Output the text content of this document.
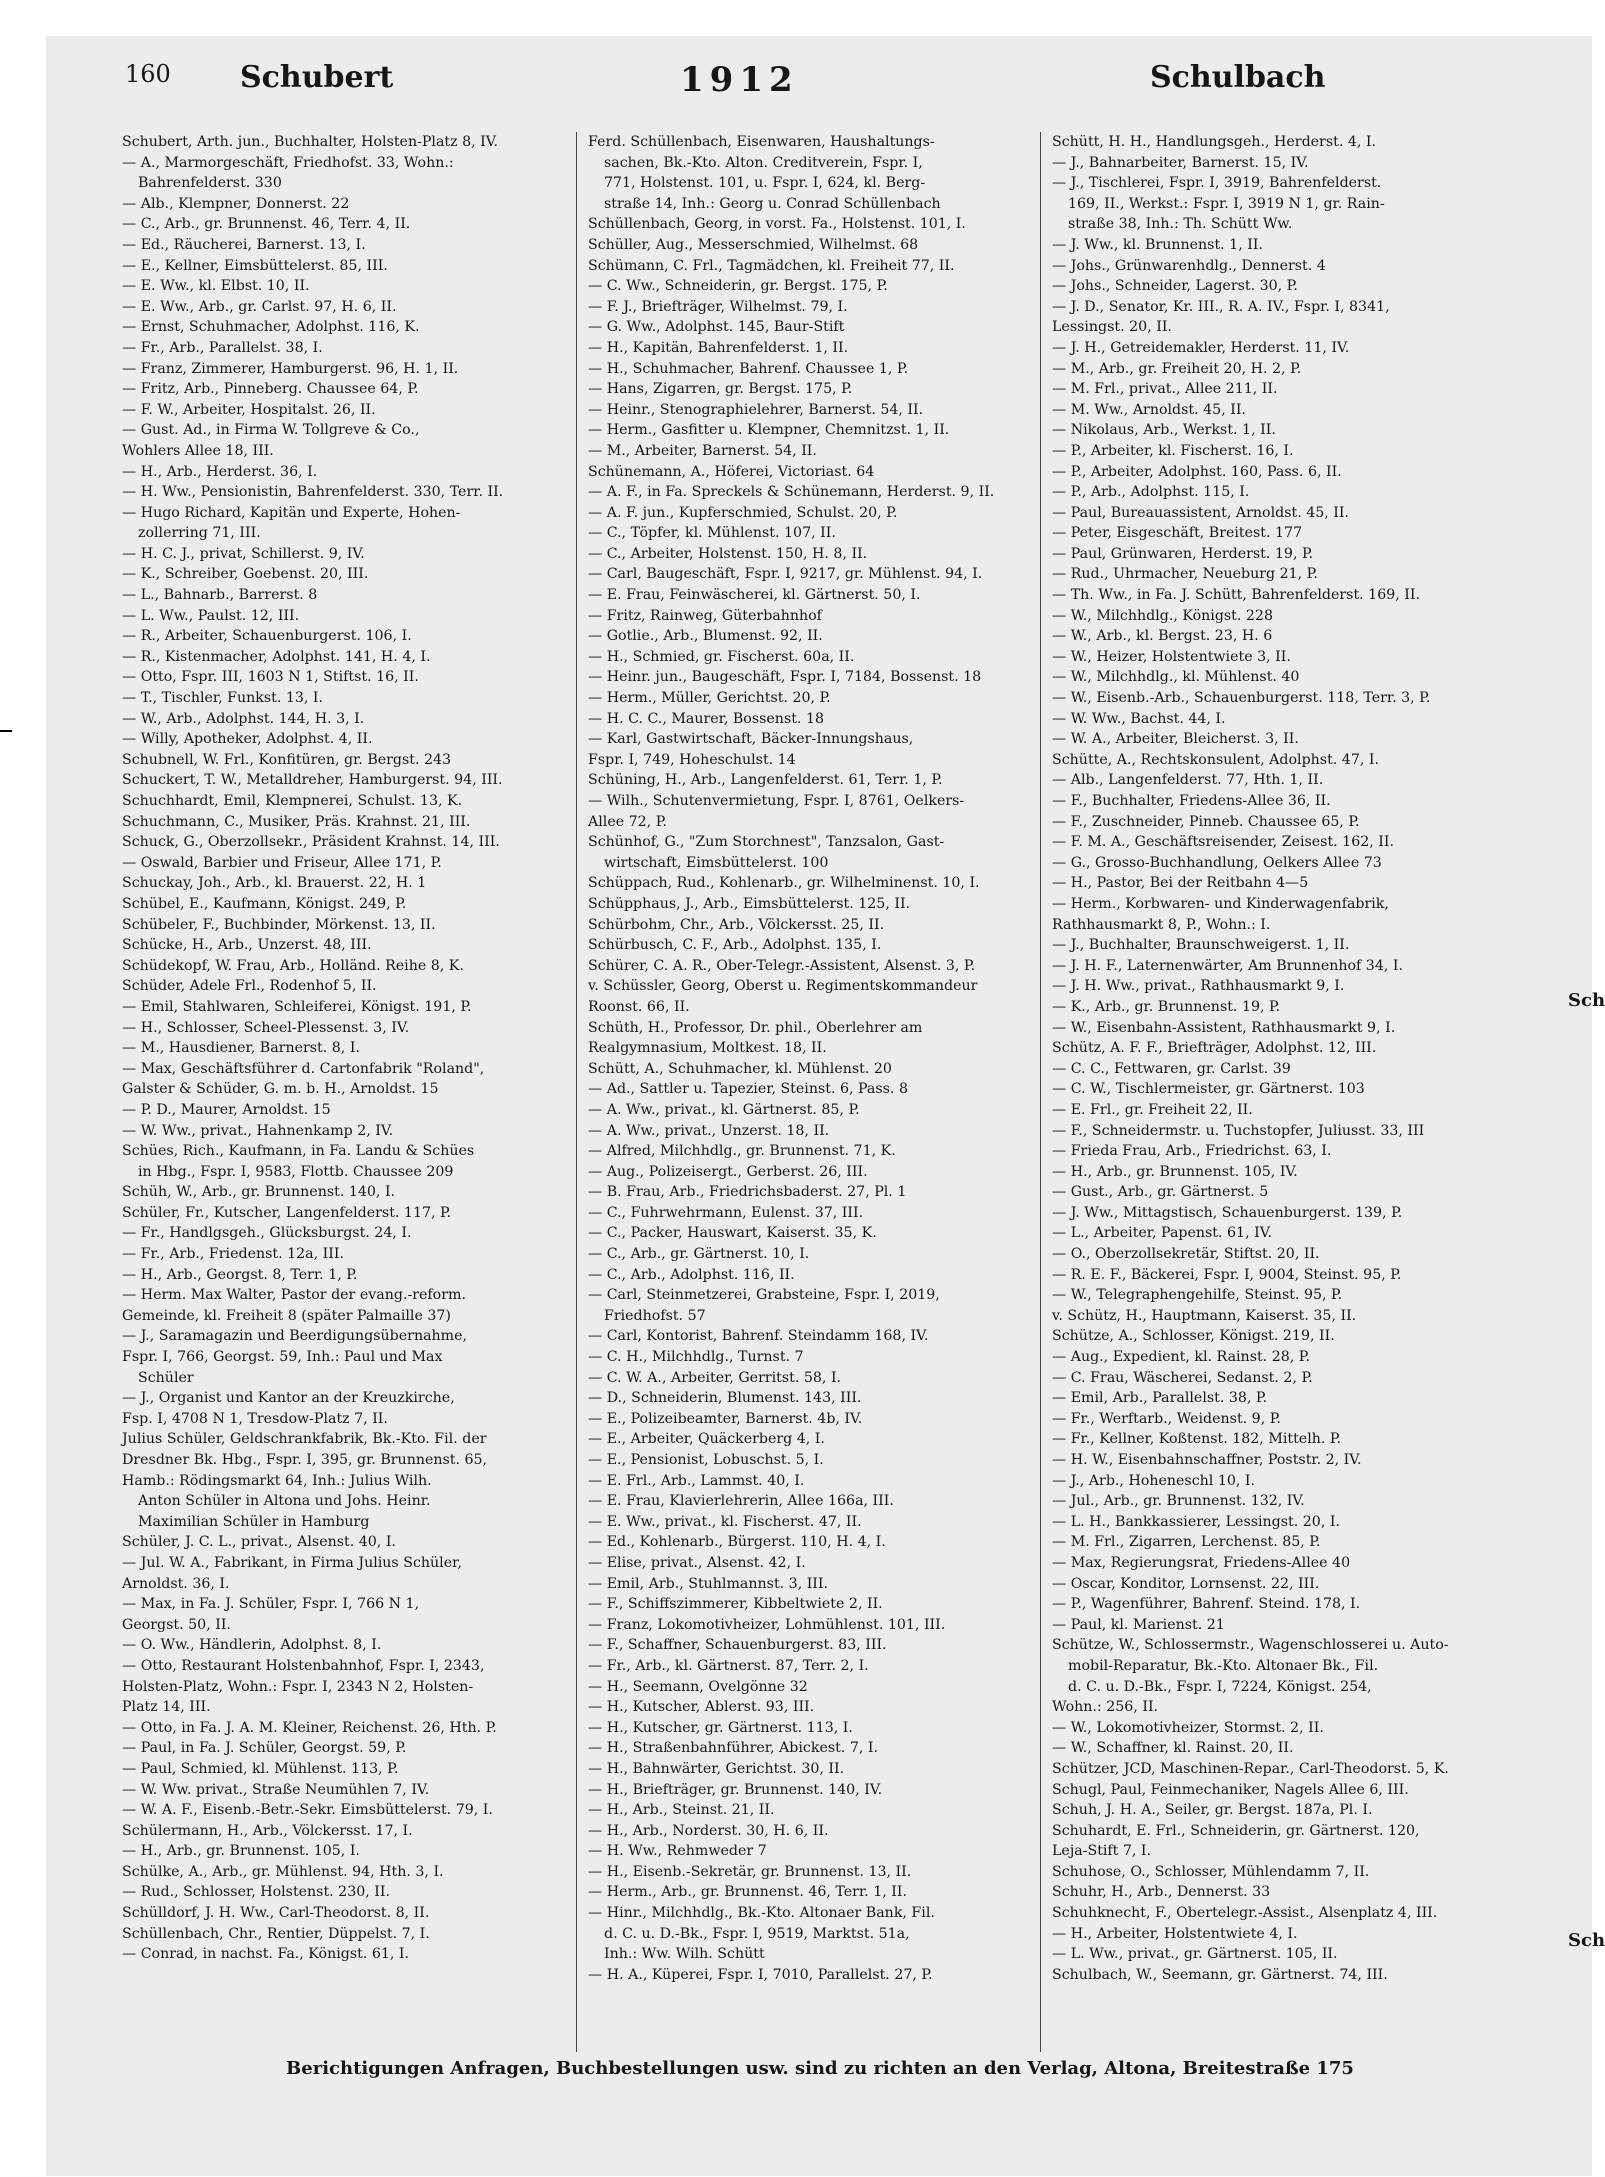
160 Schubert	1912	Schulbach
Schubert, Arth. jun., Buchhalter, Holsten-Platz 8, IV.
— A., Marmorgeschäft, Friedhofst. 33, Wohn.:
Bahrenfelderst. 330
— Alb., Klempner, Donnerst. 22
— C., Arb., gr. Brunnenst. 46, Terr. 4, II.
— Ed., Räucherei, Barnerst. 13, I.
— E., Kellner, Eimsbüttelerst. 85, III.
— E. Ww., kl. Elbst. 10, II.
— E. Ww., Arb., gr. Carlst. 97, H. 6, II.
— Ernst, Schuhmacher, Adolphst. 116, K.
— Fr., Arb., Parallelst. 38, I.
— Franz, Zimmerer, Hamburgerst. 96, H. 1, II.
— Fritz, Arb., Pinneberg. Chaussee 64, P.
— F. W., Arbeiter, Hospitalst. 26, II.
— Gust. Ad., in Firma W. Tollgreve & Co.,
Wohlers Allee 18, III.
— H., Arb., Herderst. 36, I.
— H. Ww., Pensionistin, Bahrenfelderst. 330, Terr. II.
— Hugo Richard, Kapitän und Experte, Hohen-
zollerring 71, III.
— H. C. J., privat, Schillerst. 9, IV.
— K., Schreiber, Goebenst. 20, III.
— L., Bahnarb., Barrerst. 8
— L. Ww., Paulst. 12, III.
— R., Arbeiter, Schauenburgerst. 106, I.
— R., Kistenmacher, Adolphst. 141, H. 4, I.
— Otto, Fspr. III, 1603 N 1, Stiftst. 16, II.
— T., Tischler, Funkst. 13, I.
— W., Arb., Adolphst. 144, H. 3, I.
— Willy, Apotheker, Adolphst. 4, II.
Schubnell, W. Frl., Konfitüren, gr. Bergst. 243
Schuckert, T. W., Metalldreher, Hamburgerst. 94, III.
Schuchhardt, Emil, Klempnerei, Schulst. 13, K.
Schuchmann, C., Musiker, Präs. Krahnst. 21, III.
Schuck, G., Oberzollsekr., Präsident Krahnst. 14, III.
— Oswald, Barbier und Friseur, Allee 171, P.
Schuckay, Joh., Arb., kl. Brauerst. 22, H. 1
Schübel, E., Kaufmann, Königst. 249, P.
Schübeler, F., Buchbinder, Mörkenst. 13, II.
Schücke, H., Arb., Unzerst. 48, III.
Schüdekopf, W. Frau, Arb., Holländ. Reihe 8, K.
Schüder, Adele Frl., Rodenhof 5, II.
— Emil, Stahlwaren, Schleiferei, Königst. 191, P.
— H., Schlosser, Scheel-Plessenst. 3, IV.
— M., Hausdiener, Barnerst. 8, I.
— Max, Geschäftsführer d. Cartonfabrik "Roland",
Galster & Schüder, G. m. b. H., Arnoldst. 15
— P. D., Maurer, Arnoldst. 15
— W. Ww., privat., Hahnenkamp 2, IV.
Schües, Rich., Kaufmann, in Fa. Landu & Schües
in Hbg., Fspr. I, 9583, Flottb. Chaussee 209
Schüh, W., Arb., gr. Brunnenst. 140, I.
Schüler, Fr., Kutscher, Langenfelderst. 117, P.
— Fr., Handlgsgeh., Glücksburgst. 24, I.
— Fr., Arb., Friedenst. 12a, III.
— H., Arb., Georgst. 8, Terr. 1, P.
— Herm. Max Walter, Pastor der evang.-reform.
Gemeinde, kl. Freiheit 8 (später Palmaille 37)
— J., Saramagazin und Beerdigungsübernahme,
Fspr. I, 766, Georgst. 59, Inh.: Paul und Max
Schüler
— J., Organist und Kantor an der Kreuzkirche,
Fsp. I, 4708 N 1, Tresdow-Platz 7, II.
Julius Schüler, Geldschrankfabrik, Bk.-Kto. Fil. der
Dresdner Bk. Hbg., Fspr. I, 395, gr. Brunnenst. 65,
Hamb.: Rödingsmarkt 64, Inh.: Julius Wilh.
Anton Schüler in Altona und Johs. Heinr.
Maximilian Schüler in Hamburg
Schüler, J. C. L., privat., Alsenst. 40, I.
— Jul. W. A., Fabrikant, in Firma Julius Schüler,
Arnoldst. 36, I.
— Max, in Fa. J. Schüler, Fspr. I, 766 N 1,
Georgst. 50, II.
— O. Ww., Händlerin, Adolphst. 8, I.
— Otto, Restaurant Holstenbahnhof, Fspr. I, 2343,
Holsten-Platz, Wohn.: Fspr. I, 2343 N 2, Holsten-
Platz 14, III.
— Otto, in Fa. J. A. M. Kleiner, Reichenst. 26, Hth. P.
— Paul, in Fa. J. Schüler, Georgst. 59, P.
— Paul, Schmied, kl. Mühlenst. 113, P.
— W. Ww. privat., Straße Neumühlen 7, IV.
— W. A. F., Eisenb.-Betr.-Sekr. Eimsbüttelerst. 79, I.
Schülermann, H., Arb., Völckersst. 17, I.
— H., Arb., gr. Brunnenst. 105, I.
Schülke, A., Arb., gr. Mühlenst. 94, Hth. 3, I.
— Rud., Schlosser, Holstenst. 230, II.
Schülldorf, J. H. Ww., Carl-Theodorst. 8, II.
Schüllenbach, Chr., Rentier, Düppelst. 7, I.
— Conrad, in nachst. Fa., Königst. 61, I.
Ferd. Schüllenbach, Eisenwaren, Haushaltungs-
sachen, Bk.-Kto. Alton. Creditverein, Fspr. I,
771, Holstenst. 101, u. Fspr. I, 624, kl. Berg-
straße 14, Inh.: Georg u. Conrad Schüllenbach
Schüllenbach, Georg, in vorst. Fa., Holstenst. 101, I.
Schüller, Aug., Messerschmied, Wilhelmst. 68
Schümann, C. Frl., Tagmädchen, kl. Freiheit 77, II.
— C. Ww., Schneiderin, gr. Bergst. 175, P.
— F. J., Briefträger, Wilhelmst. 79, I.
— G. Ww., Adolphst. 145, Baur-Stift
— H., Kapitän, Bahrenfelderst. 1, II.
— H., Schuhmacher, Bahrenf. Chaussee 1, P.
— Hans, Zigarren, gr. Bergst. 175, P.
— Heinr., Stenographielehrer, Barnerst. 54, II.
— Herm., Gasfitter u. Klempner, Chemnitzst. 1, II.
— M., Arbeiter, Barnerst. 54, II.
Schünemann, A., Höferei, Victoriast. 64
— A. F., in Fa. Spreckels & Schünemann, Herderst. 9, II.
— A. F. jun., Kupferschmied, Schulst. 20, P.
— C., Töpfer, kl. Mühlenst. 107, II.
— C., Arbeiter, Holstenst. 150, H. 8, II.
— Carl, Baugeschäft, Fspr. I, 9217, gr. Mühlenst. 94, I.
— E. Frau, Feinwäscherei, kl. Gärtnerst. 50, I.
— Fritz, Rainweg, Güterbahnhof
— Gotlie., Arb., Blumenst. 92, II.
— H., Schmied, gr. Fischerst. 60a, II.
— Heinr. jun., Baugeschäft, Fspr. I, 7184, Bossenst. 18
— Herm., Müller, Gerichtst. 20, P.
— H. C. C., Maurer, Bossenst. 18
— Karl, Gastwirtschaft, Bäcker-Innungshaus,
Fspr. I, 749, Hoheschulst. 14
Schüning, H., Arb., Langenfelderst. 61, Terr. 1, P.
— Wilh., Schutenvermietung, Fspr. I, 8761, Oelkers-
Allee 72, P.
Schünhof, G., "Zum Storchnest", Tanzsalon, Gast-
wirtschaft, Eimsbüttelerst. 100
Schüppach, Rud., Kohlenarb., gr. Wilhelminenst. 10, I.
Schüpphaus, J., Arb., Eimsbüttelerst. 125, II.
Schürbohm, Chr., Arb., Völckersst. 25, II.
Schürbusch, C. F., Arb., Adolphst. 135, I.
Schürer, C. A. R., Ober-Telegr.-Assistent, Alsenst. 3, P.
v. Schüssler, Georg, Oberst u. Regimentskommandeur
Roonst. 66, II.
Schüth, H., Professor, Dr. phil., Oberlehrer am
Realgymnasium, Moltkest. 18, II.
Schütt, A., Schuhmacher, kl. Mühlenst. 20
— Ad., Sattler u. Tapezier, Steinst. 6, Pass. 8
— A. Ww., privat., kl. Gärtnerst. 85, P.
— A. Ww., privat., Unzerst. 18, II.
— Alfred, Milchhdlg., gr. Brunnenst. 71, K.
— Aug., Polizeisergt., Gerberst. 26, III.
— B. Frau, Arb., Friedrichsbaderst. 27, Pl. 1
— C., Fuhrwehrmann, Eulenst. 37, III.
— C., Packer, Hauswart, Kaiserst. 35, K.
— C., Arb., gr. Gärtnerst. 10, I.
— C., Arb., Adolphst. 116, II.
— Carl, Steinmetzerei, Grabsteine, Fspr. I, 2019,
Friedhofst. 57
— Carl, Kontorist, Bahrenf. Steindamm 168, IV.
— C. H., Milchhdlg., Turnst. 7
— C. W. A., Arbeiter, Gerritst. 58, I.
— D., Schneiderin, Blumenst. 143, III.
— E., Polizeibeamter, Barnerst. 4b, IV.
— E., Arbeiter, Quäckerberg 4, I.
— E., Pensionist, Lobuschst. 5, I.
— E. Frl., Arb., Lammst. 40, I.
— E. Frau, Klavierlehrerin, Allee 166a, III.
— E. Ww., privat., kl. Fischerst. 47, II.
— Ed., Kohlenarb., Bürgerst. 110, H. 4, I.
— Elise, privat., Alsenst. 42, I.
— Emil, Arb., Stuhlmannst. 3, III.
— F., Schiffszimmerer, Kibbeltwiete 2, II.
— Franz, Lokomotivheizer, Lohmühlenst. 101, III.
— F., Schaffner, Schauenburgerst. 83, III.
— Fr., Arb., kl. Gärtnerst. 87, Terr. 2, I.
— H., Seemann, Ovelgönne 32
— H., Kutscher, Ablerst. 93, III.
— H., Kutscher, gr. Gärtnerst. 113, I.
— H., Straßenbahnführer, Abickest. 7, I.
— H., Bahnwärter, Gerichtst. 30, II.
— H., Briefträger, gr. Brunnenst. 140, IV.
— H., Arb., Steinst. 21, II.
— H., Arb., Norderst. 30, H. 6, II.
— H. Ww., Rehmweder 7
— H., Eisenb.-Sekretär, gr. Brunnenst. 13, II.
— Herm., Arb., gr. Brunnenst. 46, Terr. 1, II.
— Hinr., Milchhdlg., Bk.-Kto. Altonaer Bank, Fil.
d. C. u. D.-Bk., Fspr. I, 9519, Marktst. 51a,
Inh.: Ww. Wilh. Schütt
— H. A., Küperei, Fspr. I, 7010, Parallelst. 27, P.
Schütt, H. H., Handlungsgeh., Herderst. 4, I.
— J., Bahnarbeiter, Barnerst. 15, IV.
— J., Tischlerei, Fspr. I, 3919, Bahrenfelderst.
169, II., Werkst.: Fspr. I, 3919 N 1, gr. Rain-
straße 38, Inh.: Th. Schütt Ww.
— J. Ww., kl. Brunnenst. 1, II.
— Johs., Grünwarenhdlg., Dennerst. 4
— Johs., Schneider, Lagerst. 30, P.
— J. D., Senator, Kr. III., R. A. IV., Fspr. I, 8341,
Lessingst. 20, II.
— J. H., Getreidemakler, Herderst. 11, IV.
— M., Arb., gr. Freiheit 20, H. 2, P.
— M. Frl., privat., Allee 211, II.
— M. Ww., Arnoldst. 45, II.
— Nikolaus, Arb., Werkst. 1, II.
— P., Arbeiter, kl. Fischerst. 16, I.
— P., Arbeiter, Adolphst. 160, Pass. 6, II.
— P., Arb., Adolphst. 115, I.
— Paul, Bureauassistent, Arnoldst. 45, II.
— Peter, Eisgeschäft, Breitest. 177
— Paul, Grünwaren, Herderst. 19, P.
— Rud., Uhrmacher, Neueburg 21, P.
— Th. Ww., in Fa. J. Schütt, Bahrenfelderst. 169, II.
— W., Milchhdlg., Königst. 228
— W., Arb., kl. Bergst. 23, H. 6
— W., Heizer, Holstentwiete 3, II.
— W., Milchhdlg., kl. Mühlenst. 40
— W., Eisenb.-Arb., Schauenburgerst. 118, Terr. 3, P.
— W. Ww., Bachst. 44, I.
— W. A., Arbeiter, Bleicherst. 3, II.
Schütte, A., Rechtskonsulent, Adolphst. 47, I.
— Alb., Langenfelderst. 77, Hth. 1, II.
— F., Buchhalter, Friedens-Allee 36, II.
— F., Zuschneider, Pinneb. Chaussee 65, P.
— F. M. A., Geschäftsreisender, Zeisest. 162, II.
— G., Grosso-Buchhandlung, Oelkers Allee 73
— H., Pastor, Bei der Reitbahn 4—5
— Herm., Korbwaren- und Kinderwagenfabrik,
Rathhausmarkt 8, P., Wohn.: I.
— J., Buchhalter, Braunschweigerst. 1, II.
— J. H. F., Laternenwärter, Am Brunnenhof 34, I.
— J. H. Ww., privat., Rathhausmarkt 9, I.
— K., Arb., gr. Brunnenst. 19, P.
— W., Eisenbahn-Assistent, Rathhausmarkt 9, I.
Schütz, A. F. F., Briefträger, Adolphst. 12, III.
— C. C., Fettwaren, gr. Carlst. 39
— C. W., Tischlermeister, gr. Gärtnerst. 103
— E. Frl., gr. Freiheit 22, II.
— F., Schneidermstr. u. Tuchstopfer, Juliusst. 33, III
— Frieda Frau, Arb., Friedrichst. 63, I.
— H., Arb., gr. Brunnenst. 105, IV.
— Gust., Arb., gr. Gärtnerst. 5
— J. Ww., Mittagstisch, Schauenburgerst. 139, P.
— L., Arbeiter, Papenst. 61, IV.
— O., Oberzollsekretär, Stiftst. 20, II.
— R. E. F., Bäckerei, Fspr. I, 9004, Steinst. 95, P.
— W., Telegraphengehilfe, Steinst. 95, P.
v. Schütz, H., Hauptmann, Kaiserst. 35, II.
Schütze, A., Schlosser, Königst. 219, II.
— Aug., Expedient, kl. Rainst. 28, P.
— C. Frau, Wäscherei, Sedanst. 2, P.
— Emil, Arb., Parallelst. 38, P.
— Fr., Werftarb., Weidenst. 9, P.
— Fr., Kellner, Koßtenst. 182, Mittelh. P.
— H. W., Eisenbahnschaffner, Poststr. 2, IV.
— J., Arb., Hoheneschl 10, I.
— Jul., Arb., gr. Brunnenst. 132, IV.
— L. H., Bankkassierer, Lessingst. 20, I.
— M. Frl., Zigarren, Lerchenst. 85, P.
— Max, Regierungsrat, Friedens-Allee 40
— Oscar, Konditor, Lornsenst. 22, III.
— P., Wagenführer, Bahrenf. Steind. 178, I.
— Paul, kl. Marienst. 21
Schütze, W., Schlossermstr., Wagenschlosserei u. Auto-
mobil-Reparatur, Bk.-Kto. Altonaer Bk., Fil.
d. C. u. D.-Bk., Fspr. I, 7224, Königst. 254,
Wohn.: 256, II.
— W., Lokomotivheizer, Stormst. 2, II.
— W., Schaffner, kl. Rainst. 20, II.
Schützer, JCD, Maschinen-Repar., Carl-Theodorst. 5, K.
Schugl, Paul, Feinmechaniker, Nagels Allee 6, III.
Schuh, J. H. A., Seiler, gr. Bergst. 187a, Pl. I.
Schuhardt, E. Frl., Schneiderin, gr. Gärtnerst. 120,
Leja-Stift 7, I.
Schuhose, O., Schlosser, Mühlendamm 7, II.
Schuhr, H., Arb., Dennerst. 33
Schuhknecht, F., Obertelegr.-Assist., Alsenplatz 4, III.
— H., Arbeiter, Holstentwiete 4, I.
— L. Ww., privat., gr. Gärtnerst. 105, II.
Schulbach, W., Seemann, gr. Gärtnerst. 74, III.
Sch
Sch
Berichtigungen Anfragen, Buchbestellungen usw. sind zu richten an den Verlag, Altona, Breitestraße 175
